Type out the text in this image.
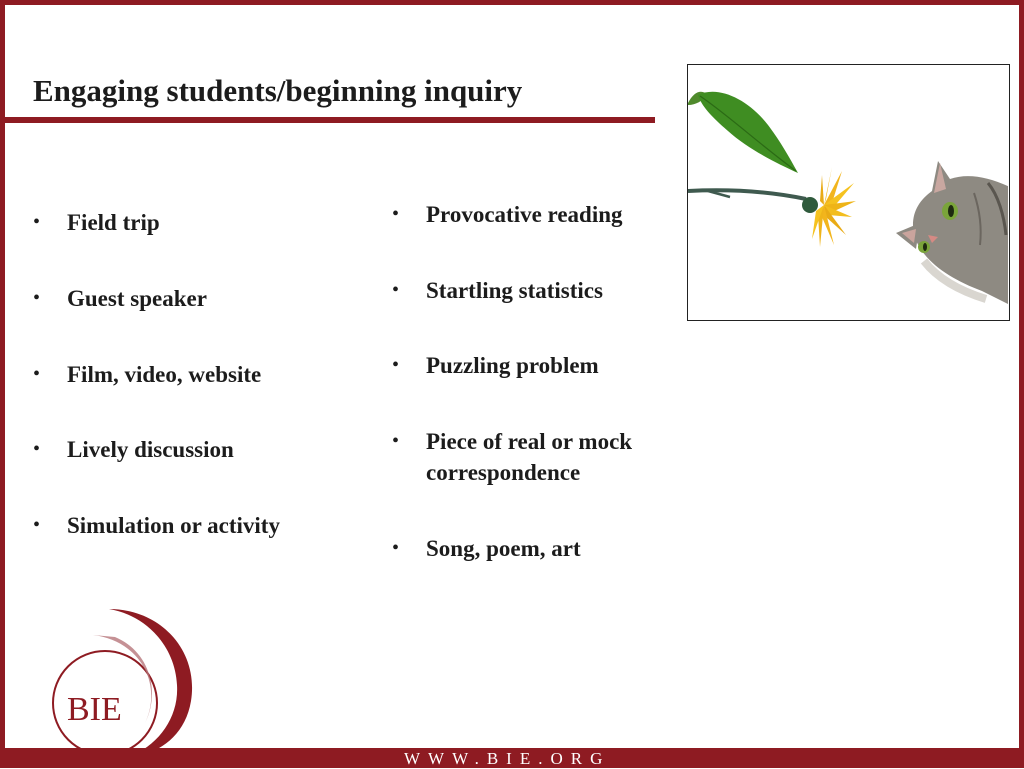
Engaging students/beginning inquiry
•	Field trip
•	Guest speaker
•	Film, video, website
•	Lively discussion
•	Simulation or activity
•	Provocative reading
•	Startling statistics
•	Puzzling problem
•	Piece of real or mock correspondence
•	Song, poem, art
BIE
WWW.BIE.ORG
